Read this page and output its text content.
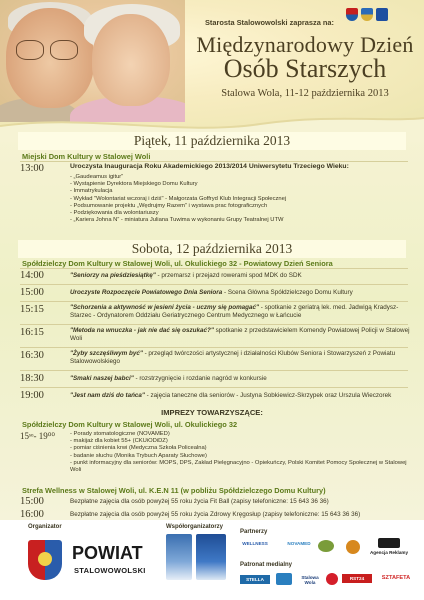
Starosta Stalowowolski zaprasza na:
Międzynarodowy Dzień
Osób Starszych
Stalowa Wola, 11-12 października 2013
Piątek, 11 października 2013
Miejski Dom Kultury w Stalowej Woli
13:00	Uroczysta Inauguracja Roku Akademickiego 2013/2014 Uniwersytetu Trzeciego Wieku:
- „Gaudeamus igitur”
- Wystąpienie Dyrektora Miejskiego Domu Kultury
- Immatrykulacja
- Wykład "Wolontariat wczoraj i dziś" - Małgorzata Goffryd Klub Integracji Społecznej
- Podsumowanie projektu „Wędrujmy Razem” i wystawa prac fotograficznych
- Podziękowania dla wolontariuszy
- „Kariera Johna N” - miniatura Juliana Tuwima w wykonaniu Grupy Teatralnej UTW
Sobota, 12 października 2013
Spółdzielczy Dom Kultury w Stalowej Woli, ul. Okulickiego 32 - Powiatowy Dzień Seniora
14:00	"Seniorzy na pieśdziesiątkę" - przemarsz i przejazd rowerami spod MDK do SDK
15:00	Uroczyste Rozpoczęcie Powiatowego Dnia Seniora - Scena Główna Spółdzielczego Domu Kultury
15:15	"Schorzenia a aktywność w jesieni życia - uczmy się pomagać" - spotkanie z geriatrą lek. med. Jadwigą Kradysz-Starzec - Ordynatorem Oddziału Geriatrycznego Centrum Medycznego w Łańcucie
16:15	"Metoda na wnuczka - jak nie dać się oszukać?" spotkanie z przedstawicielem Komendy Powiatowej Policji w Stalowej Woli
16:30	"Żyby szczęśliwym być" - przegląd twórczości artystycznej i działalności Klubów Seniora i Stowarzyszeń z Powiatu Stalowowolskiego
18:30	"Smaki naszej babci" - rozstrzygnięcie i rozdanie nagród w konkursie
19:00	"Jest nam dziś do tańca" - zajęcia taneczne dla seniorów - Justyna Sobkiewicz-Skrzypek oraz Urszula Wieczorek
IMPREZY TOWARZYSZĄCE:
Spółdzielczy Dom Kultury w Stalowej Woli, ul. Okulickiego 32
15ˢᵒ- 19⁰⁰	- Porady stomatologiczne (NOVAMED)
- makijaż dla kobiet 55+ (CKUiODiDZ)
- pomiar ciśnienia krwi (Medyczna Szkoła Policealna)
- badanie słuchu (Monika Trybuch Aparaty Słuchowe)
- punkt informacyjny dla seniorów: MOPS, DPS, Zakład Pielęgnacyjno - Opiekuńczy, Polski Komitet Pomocy Społecznej w Stalowej Woli
Strefa Wellness w Stalowej Woli, ul. K.E.N 11 (w pobliżu Spółdzielczego Domu Kultury)
15:00	Bezpłatne zajęcia dla osób powyżej 55 roku życia Fit Ball (zapisy telefoniczne: 15 643 36 36)
16:00	Bezpłatne zajęcia dla osób powyżej 55 roku życia Zdrowy Kręgosłup (zapisy telefoniczne: 15 643 36 36)
Organizator	Współorganizatorzy
Partnerzy
Patronat medialny
POWIAT
STALOWOWOLSKI
WELLNESS	NOVAMED
Agencja Reklamy
STELLA	Stalowa Wola
RST24	SZTAFETA
